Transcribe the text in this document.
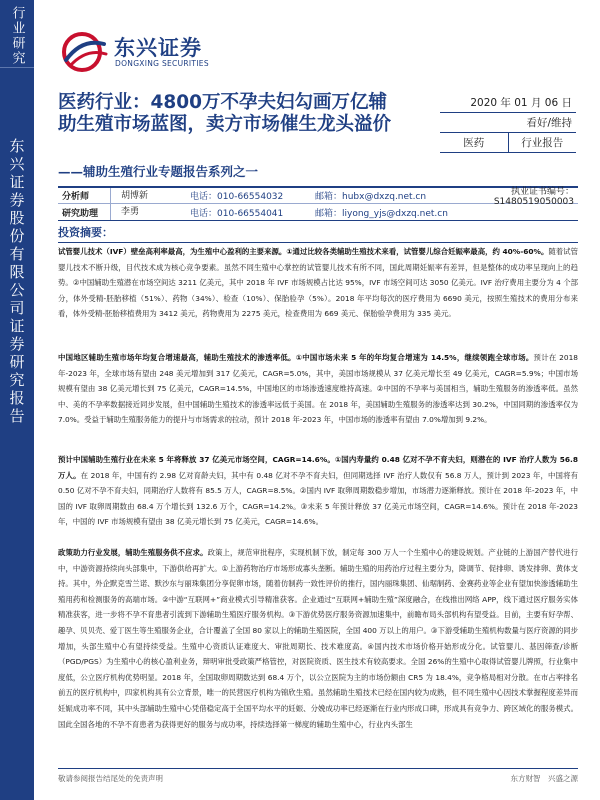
行业研究
东兴证券股份有限公司证券研究报告
东兴证券
DONGXING SECURITIES
医药行业：4800万不孕夫妇勾画万亿辅助生殖市场蓝图，卖方市场催生龙头溢价
——辅助生殖行业专题报告系列之一
2020 年 01 月 06 日
看好/维持
医药	行业报告
分析师	胡博新	电话：010-66554032	邮箱：hubx@dxzq.net.cn	执业证书编号：S1480519050003
研究助理	李勇	电话：010-66554041	邮箱：liyong_yjs@dxzq.net.cn
投资摘要：
试管婴儿技术（IVF）壁垒高利率最高，为生殖中心盈利的主要来源。①通过比较各类辅助生殖技术来看，试管婴儿综合妊娠率最高，约 40%-60%。随着试管婴儿技术不断升级，目代技术成为核心竞争要素。虽然不同生殖中心掌控的试管婴儿技术有所不同，国此周期妊娠率有差异，但是整体的成功率呈现向上的趋势。②中国辅助生殖潜在市场空间达 3211 亿美元，其中 2018 年 IVF 市场规模占比达 95%，IVF 市场空间可达 3050 亿美元。IVF 治疗费用主要分为 4 个部分，体外受精-胚胎移植（51%）、药物（34%）、检查（10%）、保胎验孕（5%）。2018 年平均每次的医疗费用为 6690 美元，按照生殖技术的费用分布来看，体外受精-胚胎移植费用为 3412 美元，药物费用为 2275 美元，检查费用为 669 美元、保胎验孕费用为 335 美元。
中国地区辅助生殖市场年均复合增速最高，辅助生殖技术的渗透率低。①中国市场未来 5 年的年均复合增速为 14.5%，继续领跑全球市场。预计在 2018 年-2023 年，全球市场有望由 248 美元增加到 317 亿美元，CAGR=5.0%，其中，美国市场规模从 37 亿美元增长至 49 亿美元，CAGR=5.9%；中国市场规模有望由 38 亿美元增长到 75 亿美元，CAGR=14.5%，中国地区的市场渗透速度维持高速。②中国的不孕率与美国相当，辅助生殖服务的渗透率低。虽然中、美的不孕率数据接近同步发展，但中国辅助生殖技术的渗透率远低于美国。在 2018 年，美国辅助生殖服务的渗透率达到 30.2%，中国同期的渗透率仅为 7.0%。受益于辅助生殖服务能力的提升与市场需求的拉动，预计 2018 年-2023 年，中国市场的渗透率有望由 7.0%增加到 9.2%。
预计中国辅助生殖行业在未来 5 年将释放 37 亿美元市场空间，CAGR=14.6%。①国内寿量约 0.48 亿对不孕不育夫妇，则潜在的 IVF 治疗人数为 56.8 万人。在 2018 年，中国有约 2.98 亿对育龄夫妇，其中有 0.48 亿对不孕不育夫妇，但同期选择 IVF 治疗人数仅有 56.8 万人，预计到 2023 年，中国将有 0.50 亿对不孕不育夫妇，同期治疗人数将有 85.5 万人，CAGR=8.5%。②国内 IVF 取卵周期数稳步增加，市场潜力逐渐释放。预计在 2018 年-2023 年，中国的 IVF 取卵周期数由 68.4 万个增长到 132.6 万个，CAGR=14.2%。③未来 5 年预计释放 37 亿美元市场空间，CAGR=14.6%。预计在 2018 年-2023 年，中国的 IVF 市场规模有望由 38 亿美元增长到 75 亿美元，CAGR=14.6%。
政策助力行业发展，辅助生殖服务供不应求。政策上，规范审批程序，实现机制下放，制定每 300 万人一个生殖中心的建设规划。产业链的上游国产替代进行中，中游资源持续向头部集中，下游供给再扩大。①上游药物治疗市场形成寡头垄断。辅助生殖的用药治疗过程主要分为，降调节、促排卵、诱发排卵、黄体支持。其中，外企默克雪兰诺、默沙东与丽珠集团分享促卵市场，随着仿制药一致性评价的推行，国内丽珠集团、仙琚制药、金赛药业等企业有望加快渗透辅助生殖用药和检测服务的高端市场。②中游“互联网+”商业模式引导精准获客。企业通过“互联网+辅助生殖”深度融合，在线推出网络 APP，线下通过医疗服务实体精准获客，进一步将不孕不育患者引流到下游辅助生殖医疗服务机构。③下游优势医疗服务资源加速集中，前瞻布局头部机构有望受益。目前，主要有好孕帮、趣孕、贝贝壳、爱丁医生等生殖服务企业，合计覆盖了全国 80 家以上的辅助生殖医院，全国 400 万以上的用户。③下游受辅助生殖机构数量与医疗资源的同步增加，头部生殖中心有望持续受益。生殖中心资质认证难度大、审批周期长、技术难度高。④国内技术市场价格开始形成分化。试管婴儿、基因筛查/诊断（PGD/PGS）为生殖中心的核心盈利业务，辩明审批受政策严格管控，对医院资质、医生技术有较高要求。全国 26%的生殖中心取得试管婴儿牌照，行业集中度低，公立医疗机构优势明显。2018 年，全国取卵周期数达到 68.4 万个，以公立医院为主的市场份额由 CR5 为 18.4%，竞争格局相对分散。在市占率排名前五的医疗机构中，四家机构具有公立背景，唯一的民营医疗机构为锦欣生殖。虽然辅助生殖技术已经在国内较为成熟，但不同生殖中心因技术掌握程度差异而妊娠成功率不同，其中头部辅助生殖中心凭借稳定高于全国平均水平的妊娠、分娩成功率已经逐渐在行业内形成口碑，形成具有竞争力、跨区域化的服务模式。国此全国各地的不孕不育患者为获得更好的服务与成功率，持续选择第一梯度的辅助生殖中心，行业内头部生
敬请参阅报告结尾处的免责声明	东方财智　兴盛之源
